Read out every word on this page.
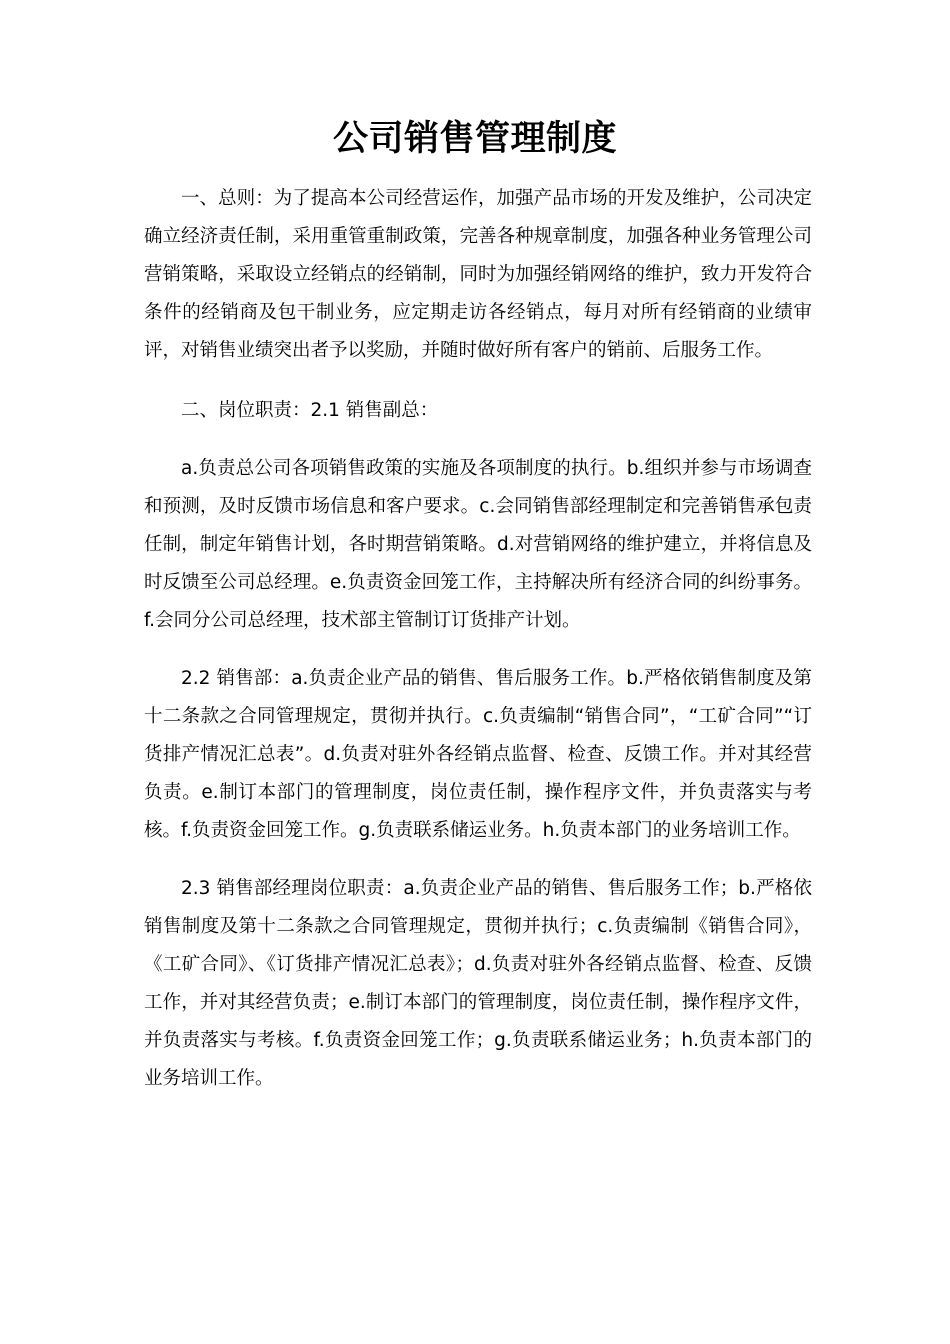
公司销售管理制度

一、总则：为了提高本公司经营运作，加强产品市场的开发及维护，公司决定确立经济责任制，采用重管重制政策，完善各种规章制度，加强各种业务管理公司营销策略，采取设立经销点的经销制，同时为加强经销网络的维护，致力开发符合条件的经销商及包干制业务，应定期走访各经销点，每月对所有经销商的业绩审评，对销售业绩突出者予以奖励，并随时做好所有客户的销前、后服务工作。

二、岗位职责：2.1 销售副总：

a.负责总公司各项销售政策的实施及各项制度的执行。b.组织并参与市场调查和预测，及时反馈市场信息和客户要求。c.会同销售部经理制定和完善销售承包责任制，制定年销售计划，各时期营销策略。d.对营销网络的维护建立，并将信息及时反馈至公司总经理。e.负责资金回笼工作，主持解决所有经济合同的纠纷事务。f.会同分公司总经理，技术部主管制订订货排产计划。

2.2 销售部：a.负责企业产品的销售、售后服务工作。b.严格依销售制度及第十二条款之合同管理规定，贯彻并执行。c.负责编制“销售合同”，“工矿合同”“订货排产情况汇总表”。d.负责对驻外各经销点监督、检查、反馈工作。并对其经营负责。e.制订本部门的管理制度，岗位责任制，操作程序文件，并负责落实与考核。f.负责资金回笼工作。g.负责联系储运业务。h.负责本部门的业务培训工作。

2.3 销售部经理岗位职责：a.负责企业产品的销售、售后服务工作；b.严格依销售制度及第十二条款之合同管理规定，贯彻并执行；c.负责编制《销售合同》，《工矿合同》、《订货排产情况汇总表》；d.负责对驻外各经销点监督、检查、反馈工作，并对其经营负责；e.制订本部门的管理制度，岗位责任制，操作程序文件，并负责落实与考核。f.负责资金回笼工作；g.负责联系储运业务；h.负责本部门的业务培训工作。
